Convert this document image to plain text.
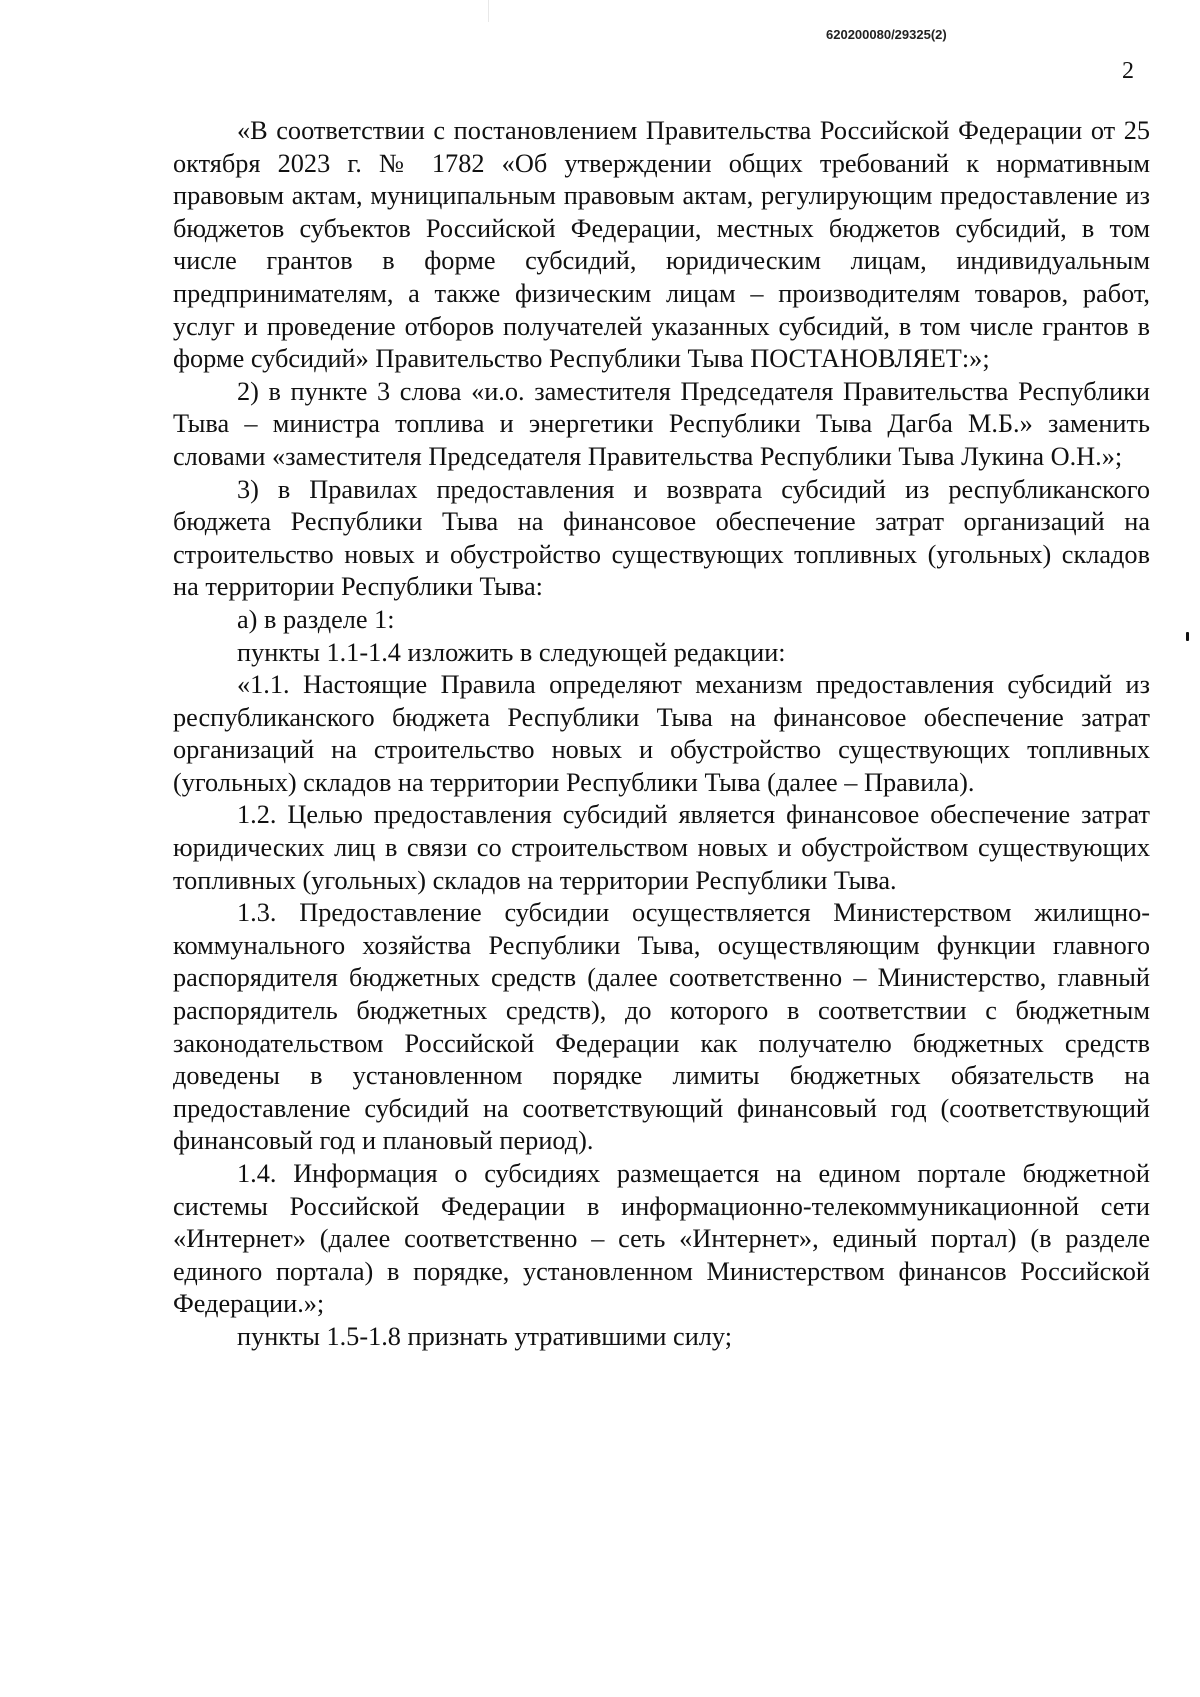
620200080/29325(2)
2

«В соответствии с постановлением Правительства Российской Федерации от 25 октября 2023 г. № 1782 «Об утверждении общих требований к нормативным правовым актам, муниципальным правовым актам, регулирующим предоставление из бюджетов субъектов Российской Федерации, местных бюджетов субсидий, в том числе грантов в форме субсидий, юридическим лицам, индивидуальным предпринимателям, а также физическим лицам – производителям товаров, работ, услуг и проведение отборов получателей указанных субсидий, в том числе грантов в форме субсидий» Правительство Республики Тыва ПОСТАНОВЛЯЕТ:»;

2) в пункте 3 слова «и.о. заместителя Председателя Правительства Республики Тыва – министра топлива и энергетики Республики Тыва Дагба М.Б.» заменить словами «заместителя Председателя Правительства Республики Тыва Лукина О.Н.»;

3) в Правилах предоставления и возврата субсидий из республиканского бюджета Республики Тыва на финансовое обеспечение затрат организаций на строительство новых и обустройство существующих топливных (угольных) складов на территории Республики Тыва:

а) в разделе 1:

пункты 1.1-1.4 изложить в следующей редакции:

«1.1. Настоящие Правила определяют механизм предоставления субсидий из республиканского бюджета Республики Тыва на финансовое обеспечение затрат организаций на строительство новых и обустройство существующих топливных (угольных) складов на территории Республики Тыва (далее – Правила).

1.2. Целью предоставления субсидий является финансовое обеспечение затрат юридических лиц в связи со строительством новых и обустройством существующих топливных (угольных) складов на территории Республики Тыва.

1.3. Предоставление субсидии осуществляется Министерством жилищно-коммунального хозяйства Республики Тыва, осуществляющим функции главного распорядителя бюджетных средств (далее соответственно – Министерство, главный распорядитель бюджетных средств), до которого в соответствии с бюджетным законодательством Российской Федерации как получателю бюджетных средств доведены в установленном порядке лимиты бюджетных обязательств на предоставление субсидий на соответствующий финансовый год (соответствующий финансовый год и плановый период).

1.4. Информация о субсидиях размещается на едином портале бюджетной системы Российской Федерации в информационно-телекоммуникационной сети «Интернет» (далее соответственно – сеть «Интернет», единый портал) (в разделе единого портала) в порядке, установленном Министерством финансов Российской Федерации.»;

пункты 1.5-1.8 признать утратившими силу;
